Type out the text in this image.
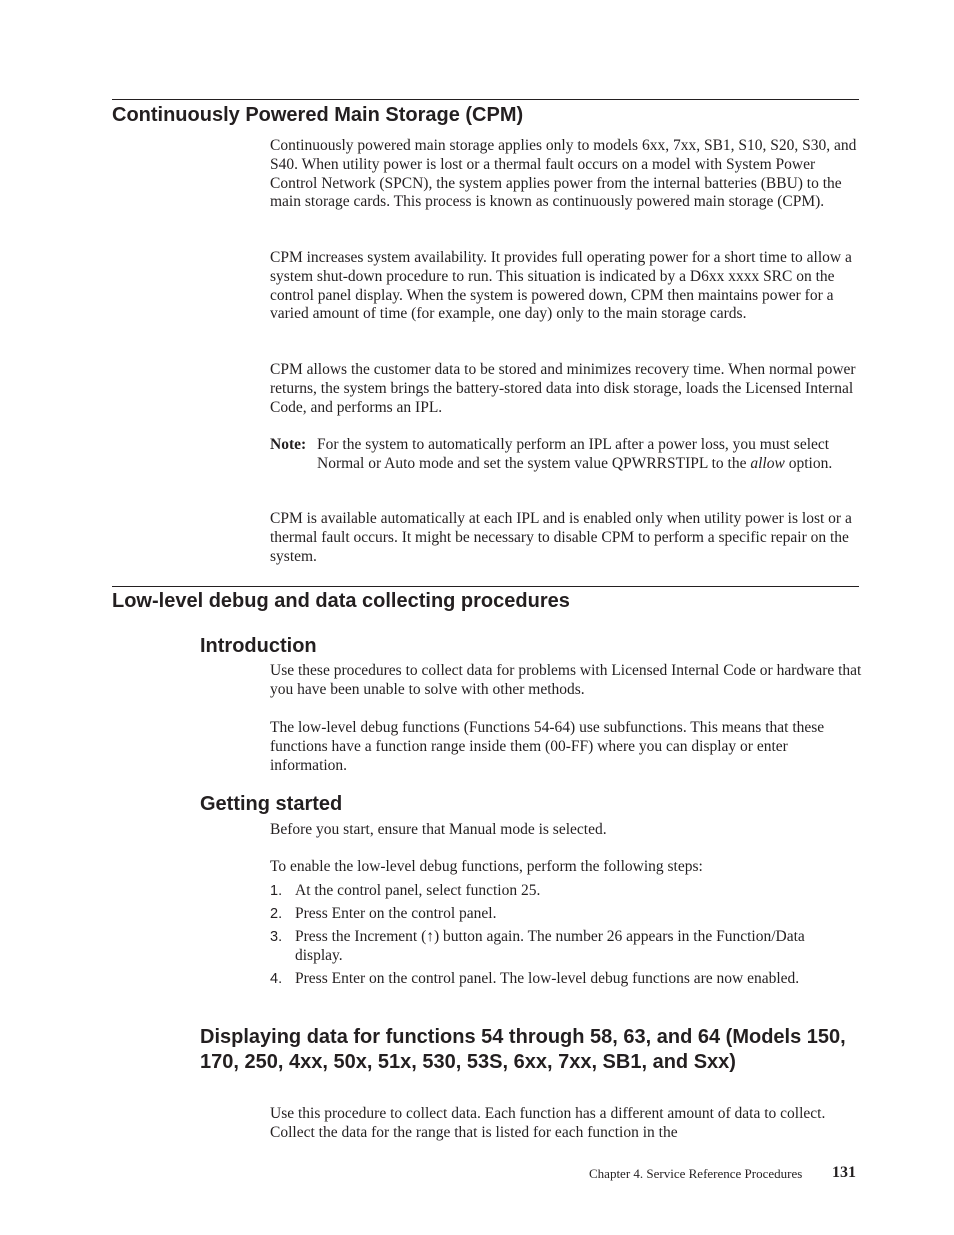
Continuously Powered Main Storage (CPM)

Continuously powered main storage applies only to models 6xx, 7xx, SB1, S10, S20, S30, and S40. When utility power is lost or a thermal fault occurs on a model with System Power Control Network (SPCN), the system applies power from the internal batteries (BBU) to the main storage cards. This process is known as continuously powered main storage (CPM).

CPM increases system availability. It provides full operating power for a short time to allow a system shut-down procedure to run. This situation is indicated by a D6xx xxxx SRC on the control panel display. When the system is powered down, CPM then maintains power for a varied amount of time (for example, one day) only to the main storage cards.

CPM allows the customer data to be stored and minimizes recovery time. When normal power returns, the system brings the battery-stored data into disk storage, loads the Licensed Internal Code, and performs an IPL.

Note: For the system to automatically perform an IPL after a power loss, you must select Normal or Auto mode and set the system value QPWRRSTIPL to the allow option.

CPM is available automatically at each IPL and is enabled only when utility power is lost or a thermal fault occurs. It might be necessary to disable CPM to perform a specific repair on the system.

Low-level debug and data collecting procedures
Introduction

Use these procedures to collect data for problems with Licensed Internal Code or hardware that you have been unable to solve with other methods.

The low-level debug functions (Functions 54-64) use subfunctions. This means that these functions have a function range inside them (00-FF) where you can display or enter information.

Getting started

Before you start, ensure that Manual mode is selected.

To enable the low-level debug functions, perform the following steps:

1. At the control panel, select function 25.
2. Press Enter on the control panel.
3. Press the Increment (↑) button again. The number 26 appears in the Function/Data display.
4. Press Enter on the control panel. The low-level debug functions are now enabled.
Displaying data for functions 54 through 58, 63, and 64 (Models 150, 170, 250, 4xx, 50x, 51x, 530, 53S, 6xx, 7xx, SB1, and Sxx)

Use this procedure to collect data. Each function has a different amount of data to collect. Collect the data for the range that is listed for each function in the

Chapter 4. Service Reference Procedures 131
